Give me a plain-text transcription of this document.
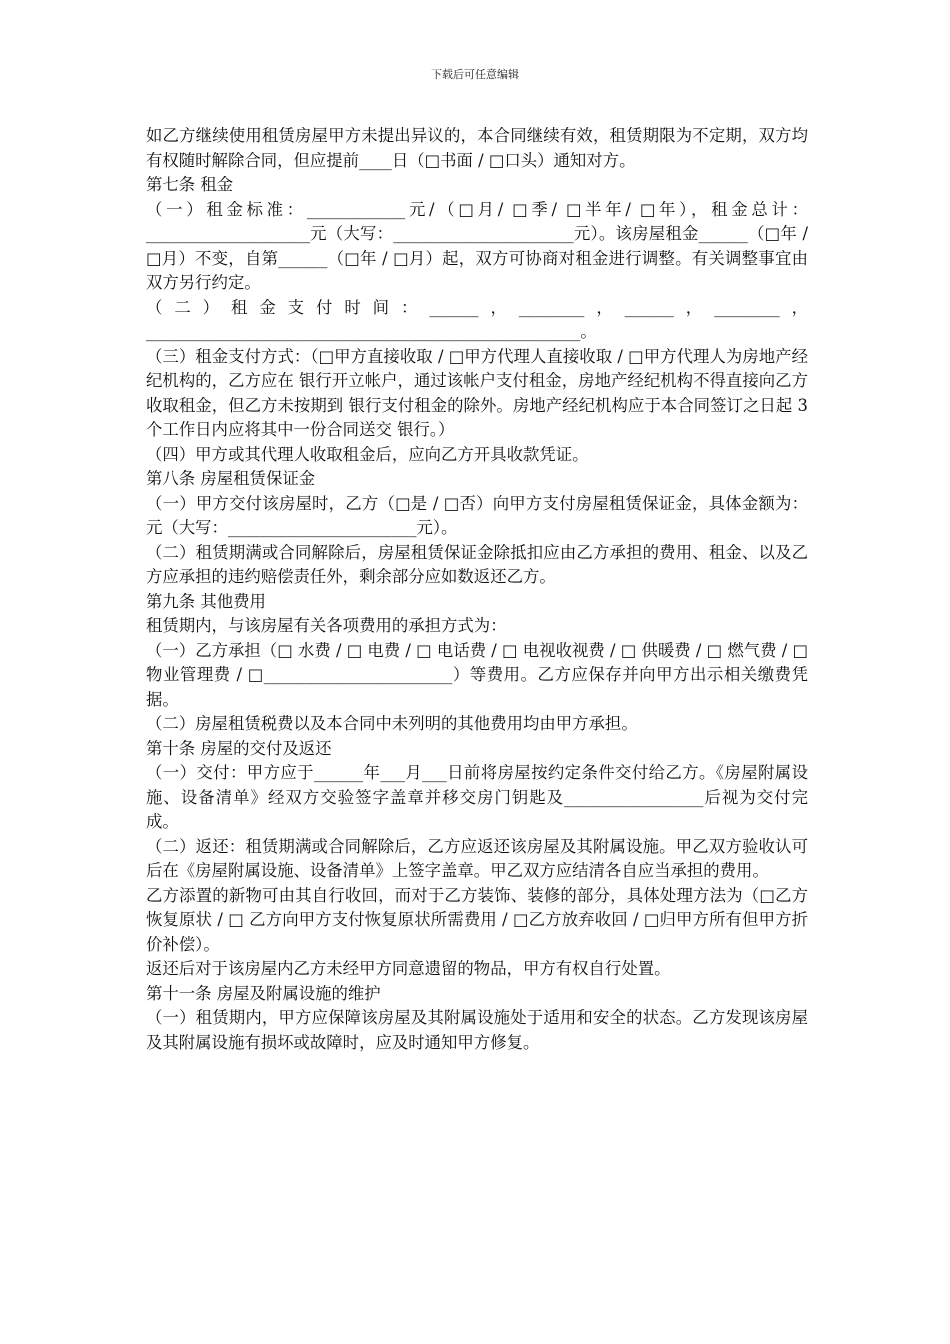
下载后可任意编辑

如乙方继续使用租赁房屋甲方未提出异议的，本合同继续有效，租赁期限为不定期，双方均有权随时解除合同，但应提前____日（□书面 / □口头）通知对方。

第七条 租金

（一）租金标准：____________元/（□月/ □季/ □半年/ □年），租金总计：____________________元（大写：______________________元）。该房屋租金______（□年 / □月）不变，自第______（□年 / □月）起，双方可协商对租金进行调整。有关调整事宜由双方另行约定。

（二）租金支付时间：______，________，______，________，_____________________________________________________。

（三）租金支付方式：（□甲方直接收取 / □甲方代理人直接收取 / □甲方代理人为房地产经纪机构的，乙方应在 银行开立帐户，通过该帐户支付租金，房地产经纪机构不得直接向乙方收取租金，但乙方未按期到 银行支付租金的除外。房地产经纪机构应于本合同签订之日起 3 个工作日内应将其中一份合同送交 银行。）

（四）甲方或其代理人收取租金后，应向乙方开具收款凭证。

第八条 房屋租赁保证金

（一）甲方交付该房屋时，乙方（□是 / □否）向甲方支付房屋租赁保证金，具体金额为： 元（大写：_______________________元）。

（二）租赁期满或合同解除后，房屋租赁保证金除抵扣应由乙方承担的费用、租金、以及乙方应承担的违约赔偿责任外，剩余部分应如数返还乙方。

第九条 其他费用

租赁期内，与该房屋有关各项费用的承担方式为：

（一）乙方承担（□ 水费 / □ 电费 / □ 电话费 / □ 电视收视费 / □ 供暖费 / □ 燃气费 / □ 物业管理费 / □_______________________）等费用。乙方应保存并向甲方出示相关缴费凭据。

（二）房屋租赁税费以及本合同中未列明的其他费用均由甲方承担。

第十条 房屋的交付及返还

（一）交付：甲方应于______年___月___日前将房屋按约定条件交付给乙方。《房屋附属设施、设备清单》经双方交验签字盖章并移交房门钥匙及_________________后视为交付完成。

（二）返还：租赁期满或合同解除后，乙方应返还该房屋及其附属设施。甲乙双方验收认可后在《房屋附属设施、设备清单》上签字盖章。甲乙双方应结清各自应当承担的费用。

乙方添置的新物可由其自行收回，而对于乙方装饰、装修的部分，具体处理方法为（□乙方恢复原状 / □ 乙方向甲方支付恢复原状所需费用 / □乙方放弃收回 / □归甲方所有但甲方折价补偿）。

返还后对于该房屋内乙方未经甲方同意遗留的物品，甲方有权自行处置。

第十一条 房屋及附属设施的维护

（一）租赁期内，甲方应保障该房屋及其附属设施处于适用和安全的状态。乙方发现该房屋及其附属设施有损坏或故障时，应及时通知甲方修复。
